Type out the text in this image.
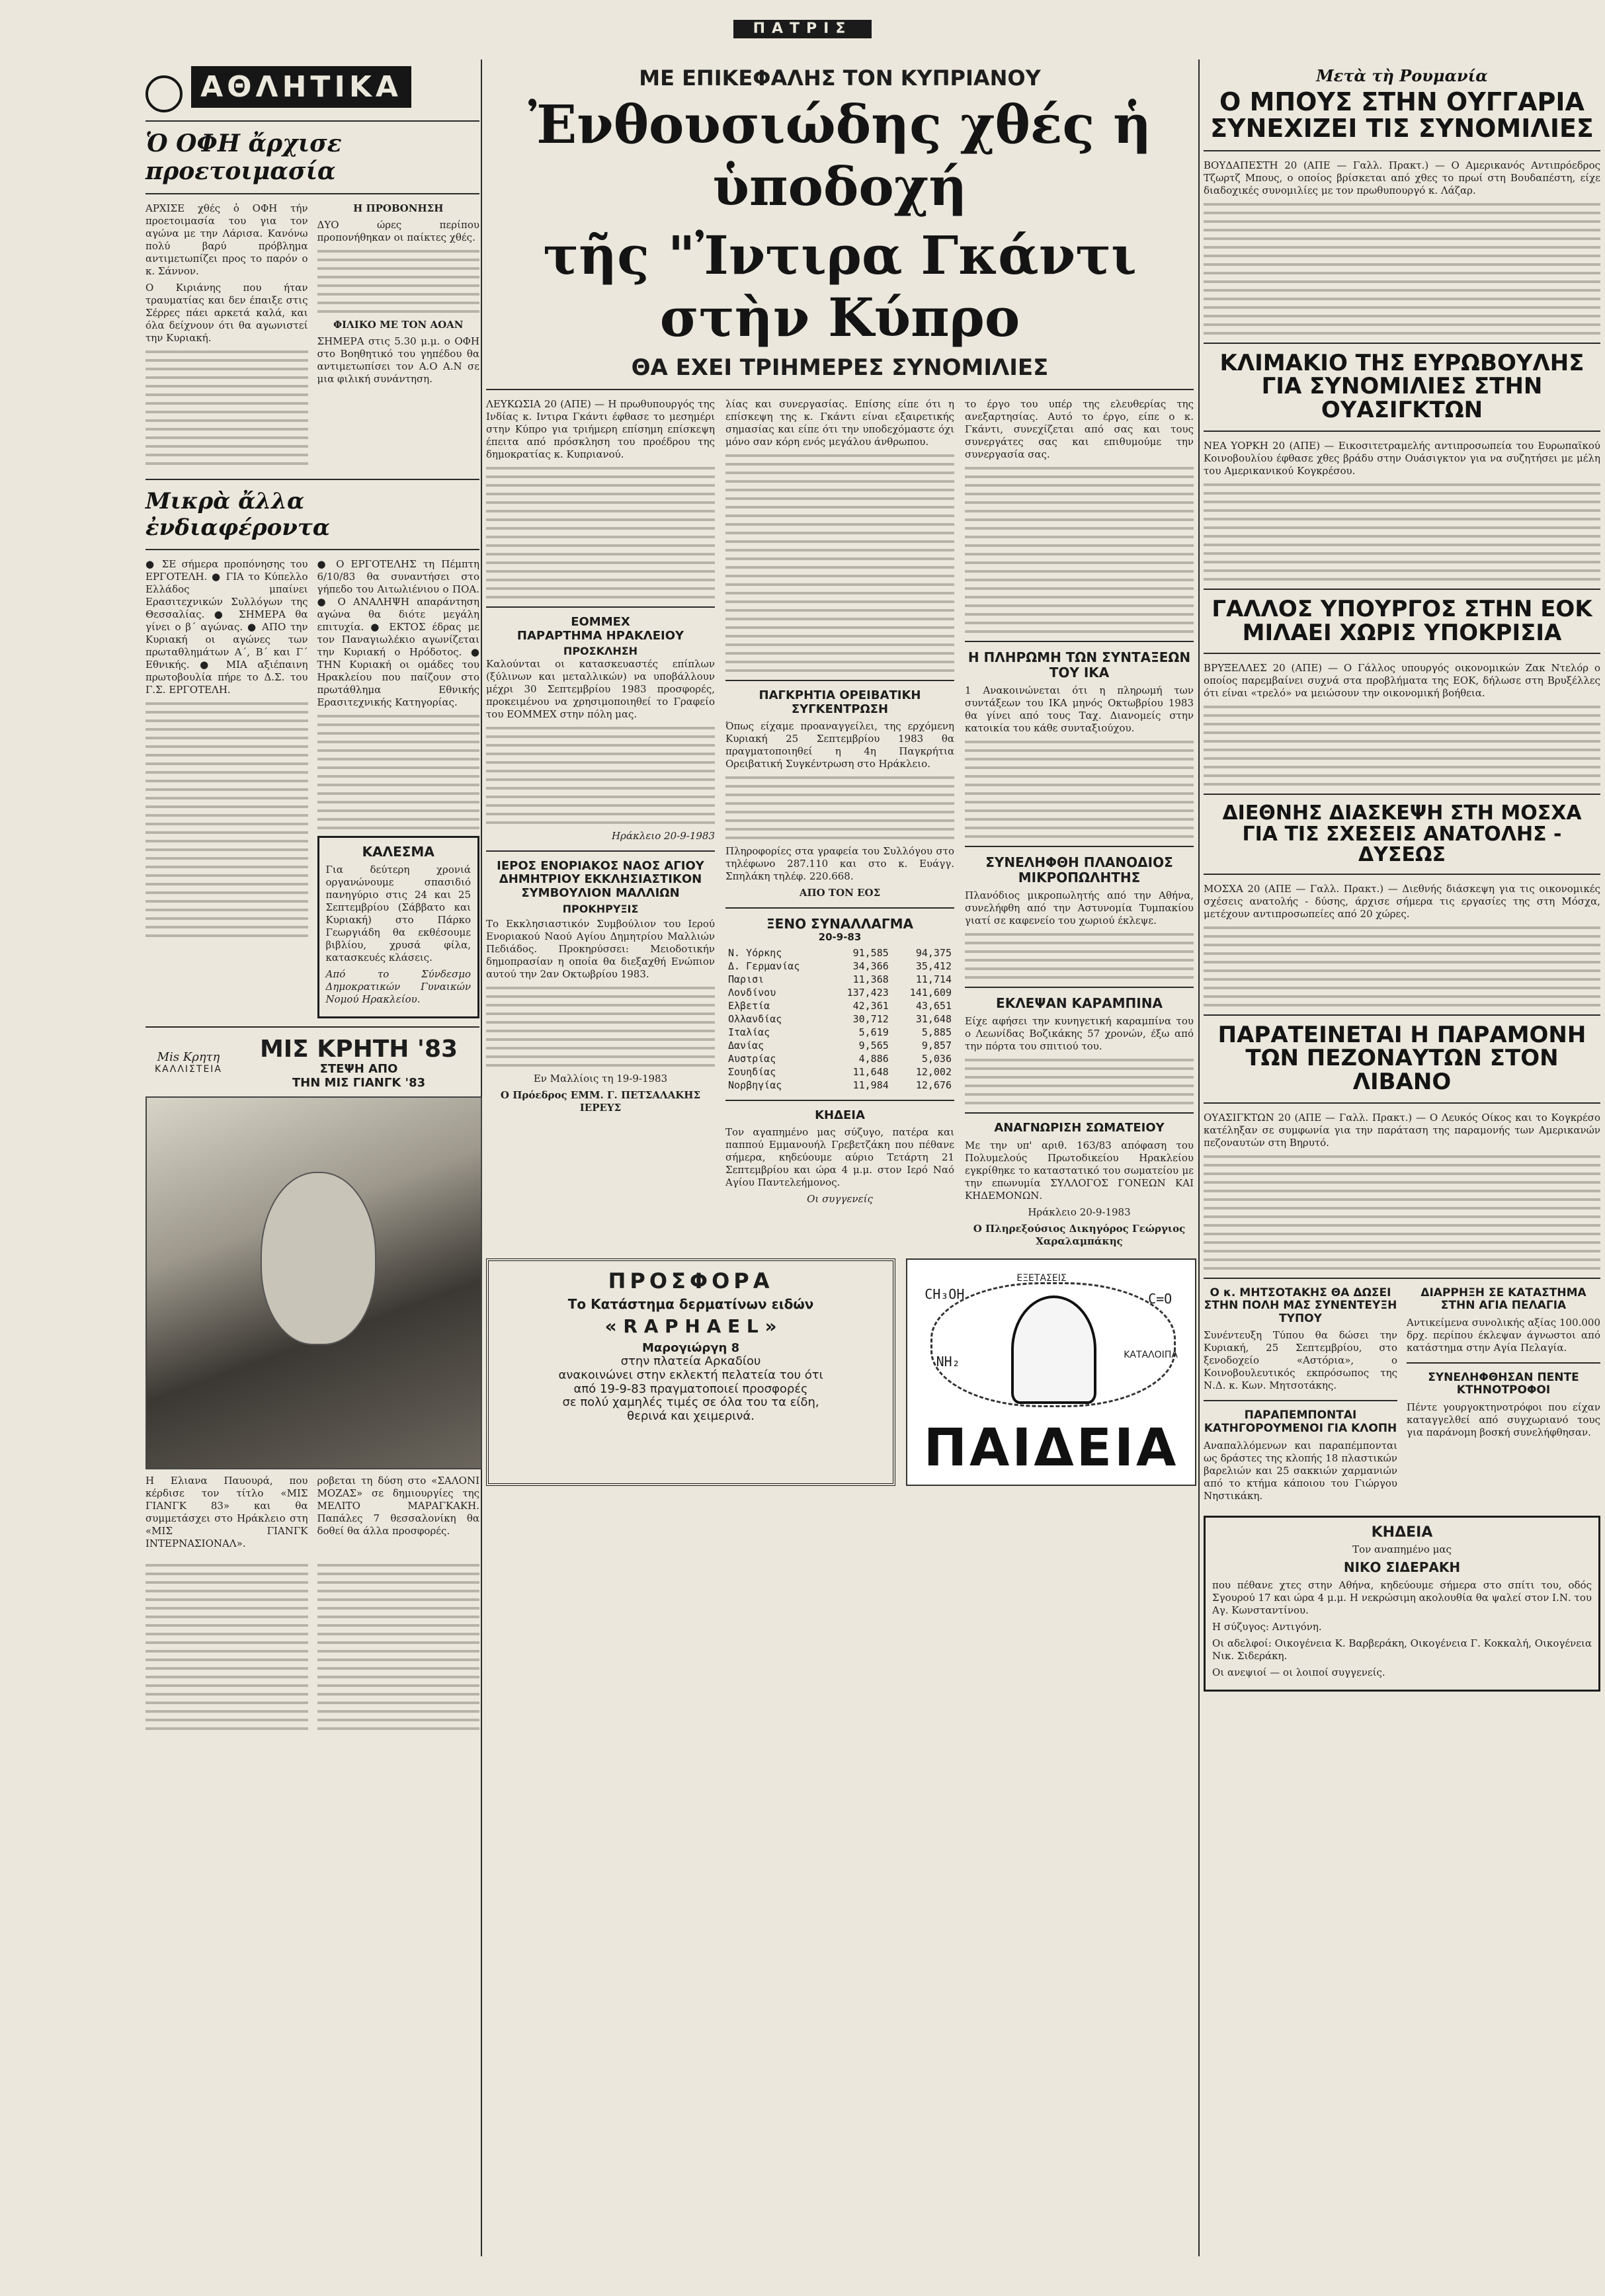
ΠΑΤΡΙΣ
ΑΘΛΗΤΙΚΑ
Ὁ ΟΦΗ ἄρχισε προετοιμασία

ΑΡΧΙΣΕ χθές ὁ ΟΦΗ τήν προετοιμασία του για τον αγώνα με την Λάρισα. Κανόνω πολύ βαρύ πρόβλημα αντιμετωπίζει προς το παρόν ο κ. Σάννον.

Ο Κιριάνης που ήταν τραυματίας και δεν έπαιξε στις Σέρρες πάει αρκετά καλά, και όλα δείχνουν ότι θα αγωνιστεί την Κυριακή.

Η ΠΡΟΒΟΝΗΣΗ

ΔΥΟ ώρες περίπου προπονήθηκαν οι παίκτες χθές.

ΦΙΛΙΚΟ ΜΕ ΤΟΝ ΑΟΑΝ

ΣΗΜΕΡΑ στις 5.30 μ.μ. ο ΟΦΗ στο Βοηθητικό του γηπέδου θα αντιμετωπίσει τον Α.Ο Α.Ν σε μια φιλική συνάντηση.

Μικρὰ ἄλλα ἐνδιαφέροντα

● ΣΕ σήμερα προπόνησης του ΕΡΓΟΤΕΛΗ. ● ΓΙΑ το Κύπελλο Ελλάδος μπαίνει Ερασιτεχνικών Συλλόγων της Θεσσαλίας. ● ΣΗΜΕΡΑ θα γίνει ο β΄ αγώνας. ● ΑΠΟ την Κυριακή οι αγώνες των πρωταθλημάτων Α΄, Β΄ και Γ΄ Εθνικής. ● ΜΙΑ αξιέπαινη πρωτοβουλία πήρε το Δ.Σ. του Γ.Σ. ΕΡΓΟΤΕΛΗ.

● Ο ΕΡΓΟΤΕΛΗΣ τη Πέμπτη 6/10/83 θα συναντήσει στο γήπεδο του Αιτωλιένιου ο ΠΟΑ. ● Ο ΑΝΑΛΗΨΗ απαράντηση αγώνα θα διότε μεγάλη επιτυχία. ● ΕΚΤΟΣ έδρας με τον Παναγιωλέκιο αγωνίζεται την Κυριακή ο Ηρόδοτος. ● ΤΗΝ Κυριακή οι ομάδες του Ηρακλείου που παίζουν στο πρωτάθλημα Εθνικής Ερασιτεχνικής Κατηγορίας.

ΚΑΛΕΣΜΑ

Για δεύτερη χρονιά οργανώνουμε σπασιδιό πανηγύριο στις 24 και 25 Σεπτεμβρίου (Σάββατο και Κυριακή) στο Πάρκο Γεωργιάδη θα εκθέσουμε βιβλίου, χρυσά φίλα, κατασκευές κλάσεις.

Από το Σύνδεσμο Δημοκρατικών Γυναικών Νομού Ηρακλείου.

Mis Kρητη
ΚΑΛΛΙΣΤΕΙΑ

ΜΙΣ ΚΡΗΤΗ '83

ΣΤΕΨΗ ΑΠΟ

ΤΗΝ ΜΙΣ ΓΙΑΝΓΚ '83

Η Ελιανα Παυουρά, που κέρδισε τον τίτλο «ΜΙΣ ΓΙΑΝΓΚ 83» και θα συμμετάσχει στο Ηράκλειο στη «ΜΙΣ ΓΙΑΝΓΚ ΙΝΤΕΡΝΑΣΙΟΝΑΛ».

ροβεται τη δύση στο «ΣΑΛΟΝΙ ΜΟΖΑΣ» σε δημιουργίες της ΜΕΛΙΤΟ ΜΑΡΑΓΚΑΚΗ. Παπάλες 7 θεσσαλονίκη θα δοθεί θα άλλα προσφορές.

ΜΕ ΕΠΙΚΕΦΑΛΗΣ ΤΟΝ ΚΥΠΡΙΑΝΟΥ

Ἐνθουσιώδης χθές ἡ ὑποδοχή
τῆς "Ἰντιρα Γκάντι στὴν Κύπρο

ΘΑ ΕΧΕΙ ΤΡΙΗΜΕΡΕΣ ΣΥΝΟΜΙΛΙΕΣ

ΛΕΥΚΩΣΙΑ 20 (ΑΠΕ) — Η πρωθυπουργός της Ινδίας κ. Ιντιρα Γκάντι έφθασε το μεσημέρι στην Κύπρο για τριήμερη επίσημη επίσκεψη έπειτα από πρόσκληση του προέδρου της δημοκρατίας κ. Κυπριανού.

ΕΟΜΜΕΧ

ΠΑΡΑΡΤΗΜΑ ΗΡΑΚΛΕΙΟΥ

ΠΡΟΣΚΛΗΣΗ

Καλούνται οι κατασκευαστές επίπλων (ξύλινων και μεταλλικών) να υποβάλλουν μέχρι 30 Σεπτεμβρίου 1983 προσφορές, προκειμένου να χρησιμοποιηθεί το Γραφείο του ΕΟΜΜΕΧ στην πόλη μας.

Ηράκλειο 20-9-1983

ΙΕΡΟΣ ΕΝΟΡΙΑΚΟΣ ΝΑΟΣ ΑΓΙΟΥ ΔΗΜΗΤΡΙΟΥ ΕΚΚΛΗΣΙΑΣΤΙΚΟΝ ΣΥΜΒΟΥΛΙΟΝ ΜΑΛΛΙΩΝ

ΠΡΟΚΗΡΥΞΙΣ

Το Εκκλησιαστικόν Συμβούλιον του Ιερού Ενοριακού Ναού Αγίου Δημητρίου Μαλλιών Πεδιάδος. Προκηρύσσει: Μειοδοτικήν δημοπρασίαν η οποία θα διεξαχθή Ενώπιον αυτού την 2αν Οκτωβρίου 1983.

Εν Μαλλίοις τη 19-9-1983

Ο Πρόεδρος ΕΜΜ. Γ. ΠΕΤΣΑΛΑΚΗΣ ΙΕΡΕΥΣ

λίας και συνεργασίας. Επίσης είπε ότι η επίσκεψη της κ. Γκάντι είναι εξαιρετικής σημασίας και είπε ότι την υποδεχόμαστε όχι μόνο σαν κόρη ενός μεγάλου άνθρωπου.

ΠΑΓΚΡΗΤΙΑ ΟΡΕΙΒΑΤΙΚΗ ΣΥΓΚΕΝΤΡΩΣΗ

Όπως είχαμε προαναγγείλει, της ερχόμενη Κυριακή 25 Σεπτεμβρίου 1983 θα πραγματοποιηθεί η 4η Παγκρήτια Ορειβατική Συγκέντρωση στο Ηράκλειο.

Πληροφορίες στα γραφεία του Συλλόγου στο τηλέφωνο 287.110 και στο κ. Ευάγγ. Σπηλάκη τηλέφ. 220.668.

ΑΠΟ ΤΟΝ ΕΟΣ

ΞΕΝΟ ΣΥΝΑΛΛΑΓΜΑ

20-9-83

Ν. Υόρκης	91,585	94,375
Δ. Γερμανίας	34,366	35,412
Παρισι	11,368	11,714
Λονδίνου	137,423	141,609
Ελβετία	42,361	43,651
Ολλανδίας	30,712	31,648
Ιταλίας	5,619	5,885
Δανίας	9,565	9,857
Αυστρίας	4,886	5,036
Σουηδίας	11,648	12,002
Νορβηγίας	11,984	12,676

ΚΗΔΕΙΑ

Τον αγαπημένο μας σύζυγο, πατέρα και παππού Εμμανουήλ Γρεβετζάκη που πέθανε σήμερα, κηδεύουμε αύριο Τετάρτη 21 Σεπτεμβρίου και ώρα 4 μ.μ. στον Ιερό Ναό Αγίου Παντελεήμονος.

Οι συγγενείς

το έργο του υπέρ της ελευθερίας της ανεξαρτησίας. Αυτό το έργο, είπε ο κ. Γκάντι, συνεχίζεται από σας και τους συνεργάτες σας και επιθυμούμε την συνεργασία σας.

Η ΠΛΗΡΩΜΗ ΤΩΝ ΣΥΝΤΑΞΕΩΝ ΤΟΥ ΙΚΑ

1 Ανακοινώνεται ότι η πληρωμή των συντάξεων του ΙΚΑ μηνός Οκτωβρίου 1983 θα γίνει από τους Ταχ. Διανομείς στην κατοικία του κάθε συνταξιούχου.

ΣΥΝΕΛΗΦΘΗ ΠΛΑΝΟΔΙΟΣ ΜΙΚΡΟΠΩΛΗΤΗΣ

Πλανόδιος μικροπωλητής από την Αθήνα, συνελήφθη από την Αστυνομία Τυμπακίου γιατί σε καφενείο του χωριού έκλεψε.

ΕΚΛΕΨΑΝ ΚΑΡΑΜΠΙΝΑ

Είχε αφήσει την κυνηγετική καραμπίνα του ο Λεωνίδας Βοζικάκης 57 χρονών, έξω από την πόρτα του σπιτιού του.

ΑΝΑΓΝΩΡΙΣΗ ΣΩΜΑΤΕΙΟΥ

Με την υπ' αριθ. 163/83 απόφαση του Πολυμελούς Πρωτοδικείου Ηρακλείου εγκρίθηκε το καταστατικό του σωματείου με την επωνυμία ΣΥΛΛΟΓΟΣ ΓΟΝΕΩΝ ΚΑΙ ΚΗΔΕΜΟΝΩΝ.

Ηράκλειο 20-9-1983

Ο Πληρεξούσιος Δικηγόρος Γεώργιος Χαραλαμπάκης

ΠΡΟΣΦΟΡΑ

Το Κατάστημα δερματίνων ειδών

« R A P H A E L »

Μαρογιώργη 8

στην πλατεία Αρκαδίου

ανακοινώνει στην εκλεκτή πελατεία του ότι

από 19-9-83 πραγματοποιεί προσφορές

σε πολύ χαμηλές τιμές σε όλα του τα είδη,

θερινά και χειμερινά.

CH₃OH	C=O
NH₂	ΚΑΤΑΛΟΙΠΑ
ΕΞΕΤΑΣΕΙΣ
ΠΑΙΔΕΙΑ

Μετὰ τὴ Ρουμανία

Ο ΜΠΟΥΣ ΣΤΗΝ ΟΥΓΓΑΡΙΑ ΣΥΝΕΧΙΖΕΙ ΤΙΣ ΣΥΝΟΜΙΛΙΕΣ

ΒΟΥΔΑΠΕΣΤΗ 20 (ΑΠΕ — Γαλλ. Πρακτ.) — Ο Αμερικανός Αντιπρόεδρος Τζωρτζ Μπους, ο οποίος βρίσκεται από χθες το πρωί στη Βουδαπέστη, είχε διαδοχικές συνομιλίες με τον πρωθυπουργό κ. Λάζαρ.

ΚΛΙΜΑΚΙΟ ΤΗΣ ΕΥΡΩΒΟΥΛΗΣ ΓΙΑ ΣΥΝΟΜΙΛΙΕΣ ΣΤΗΝ ΟΥΑΣΙΓΚΤΩΝ

ΝΕΑ ΥΟΡΚΗ 20 (ΑΠΕ) — Εικοσιτετραμελής αντιπροσωπεία του Ευρωπαϊκού Κοινοβουλίου έφθασε χθες βράδυ στην Ουάσιγκτον για να συζητήσει με μέλη του Αμερικανικού Κογκρέσου.

ΓΑΛΛΟΣ ΥΠΟΥΡΓΟΣ ΣΤΗΝ ΕΟΚ ΜΙΛΑΕΙ ΧΩΡΙΣ ΥΠΟΚΡΙΣΙΑ

ΒΡΥΞΕΛΛΕΣ 20 (ΑΠΕ) — Ο Γάλλος υπουργός οικονομικών Ζακ Ντελόρ ο οποίος παρεμβαίνει συχνά στα προβλήματα της ΕΟΚ, δήλωσε στη Βρυξέλλες ότι είναι «τρελό» να μειώσουν την οικονομική βοήθεια.

ΔΙΕΘΝΗΣ ΔΙΑΣΚΕΨΗ ΣΤΗ ΜΟΣΧΑ ΓΙΑ ΤΙΣ ΣΧΕΣΕΙΣ ΑΝΑΤΟΛΗΣ - ΔΥΣΕΩΣ

ΜΟΣΧΑ 20 (ΑΠΕ — Γαλλ. Πρακτ.) — Διεθνής διάσκεψη για τις οικονομικές σχέσεις ανατολής - δύσης, άρχισε σήμερα τις εργασίες της στη Μόσχα, μετέχουν αντιπροσωπείες από 20 χώρες.

ΠΑΡΑΤΕΙΝΕΤΑΙ Η ΠΑΡΑΜΟΝΗ ΤΩΝ ΠΕΖΟΝΑΥΤΩΝ ΣΤΟΝ ΛΙΒΑΝΟ

ΟΥΑΣΙΓΚΤΩΝ 20 (ΑΠΕ — Γαλλ. Πρακτ.) — Ο Λευκός Οίκος και το Κογκρέσο κατέληξαν σε συμφωνία για την παράταση της παραμονής των Αμερικανών πεζοναυτών στη Βηρυτό.

Ο κ. ΜΗΤΣΟΤΑΚΗΣ ΘΑ ΔΩΣΕΙ ΣΤΗΝ ΠΟΛΗ ΜΑΣ ΣΥΝΕΝΤΕΥΞΗ ΤΥΠΟΥ

Συνέντευξη Τύπου θα δώσει την Κυριακή, 25 Σεπτεμβρίου, στο ξενοδοχείο «Αστόρια», ο Κοινοβουλευτικός εκπρόσωπος της Ν.Δ. κ. Κων. Μητσοτάκης.

ΠΑΡΑΠΕΜΠΟΝΤΑΙ ΚΑΤΗΓΟΡΟΥΜΕΝΟΙ ΓΙΑ ΚΛΟΠΗ

Αναπαλλόμενων και παραπέμπονται ως δράστες της κλοπής 18 πλαστικών βαρελιών και 25 σακκιών χαρμανιών από το κτήμα κάποιου του Γιώργου Νηστικάκη.

ΔΙΑΡΡΗΞΗ ΣΕ ΚΑΤΑΣΤΗΜΑ ΣΤΗΝ ΑΓΙΑ ΠΕΛΑΓΙΑ

Αντικείμενα συνολικής αξίας 100.000 δρχ. περίπου έκλεψαν άγνωστοι από κατάστημα στην Αγία Πελαγία.

ΣΥΝΕΛΗΦΘΗΣΑΝ ΠΕΝΤΕ ΚΤΗΝΟΤΡΟΦΟΙ

Πέντε γουργοκτηνοτρόφοι που είχαν καταγγελθεί από συγχωριανό τους για παράνομη βοσκή συνελήφθησαν.

ΚΗΔΕΙΑ

Τον αναπημένο μας

ΝΙΚΟ ΣΙΔΕΡΑΚΗ

που πέθανε χτες στην Αθήνα, κηδεύουμε σήμερα στο σπίτι του, οδός Σγουρού 17 και ώρα 4 μ.μ. Η νεκρώσιμη ακολουθία θα ψαλεί στον Ι.Ν. του Αγ. Κωνσταντίνου.

Η σύζυγος: Αντιγόνη.

Οι αδελφοί: Οικογένεια Κ. Βαρβεράκη, Οικογένεια Γ. Κοκκαλή, Οικογένεια Νικ. Σιδεράκη.

Οι ανεψιοί — οι λοιποί συγγενείς.
